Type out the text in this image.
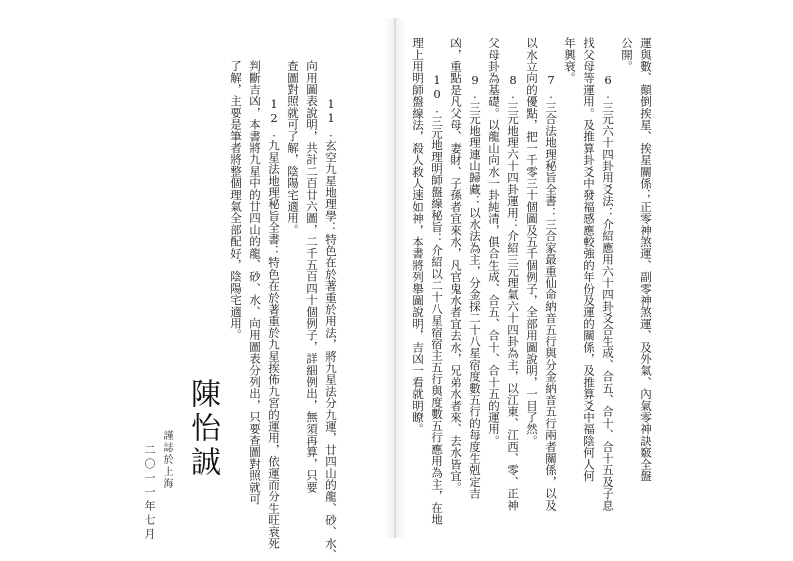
運與數、顛倒挨星、挨星關係；正零神煞運、副零神煞運、及外氣、內氣零神訣竅全盤
公開。
6.三元六十四卦用爻法：介紹應用六十四卦爻合生成、合五、合十、合十五及子息
找父母等運用。及推算卦爻中發福感應較強的年份及運的關係，及推算爻中福陰何人何
年興衰。
7.三合法地理秘旨全書：三合家最重仙命納音五行與分金納音五行兩者關係，以及
以水立向的優點，把一千零三十個圖及五千個例子，全部用圖說明，一目了然。
8.三元地理六十四卦運用：介紹三元理氣六十四卦為主，以江東、江西、零、正神
父母卦為基礎。以龍山向水一卦純清，俱合生成、合五、合十、合十五的運用。
9.三元地理連山歸藏：以水法為主，分金採二十八星宿度數五行的每度生剋定吉
凶，重點是凡父母、妻財、子孫者宜來水，凡官鬼水者宜去水，兄弟水者來、去水皆宜。
10.三元地理明師盤線秘旨：介紹以二十八星宿宿主五行與度數五行應用為主，在地
理上用明師盤線法，殺人救人速如神，本書將列舉圖說明，吉凶一看就明瞭。
11.玄空九星地理學：特色在於著重於用法，將九星法分九運，廿四山的龍、砂、水、
向用圖表說明，共計二百廿六圖，二千五百四十個例子，詳細例出，無須再算，只要
查圖對照就可了解，陰陽宅適用。
12.九星法地理秘旨全書：特色在於著重於九星挨佈九宮的運用，依運而分生旺衰死
判斷吉凶，本書將九星中的廿四山的龍、砂、水、向用圖表分列出，只要查圖對照就可
了解，主要是筆者將整個理氣全部配好，陰陽宅適用。
陳怡誠
謹誌於上海
二〇一一年七月
